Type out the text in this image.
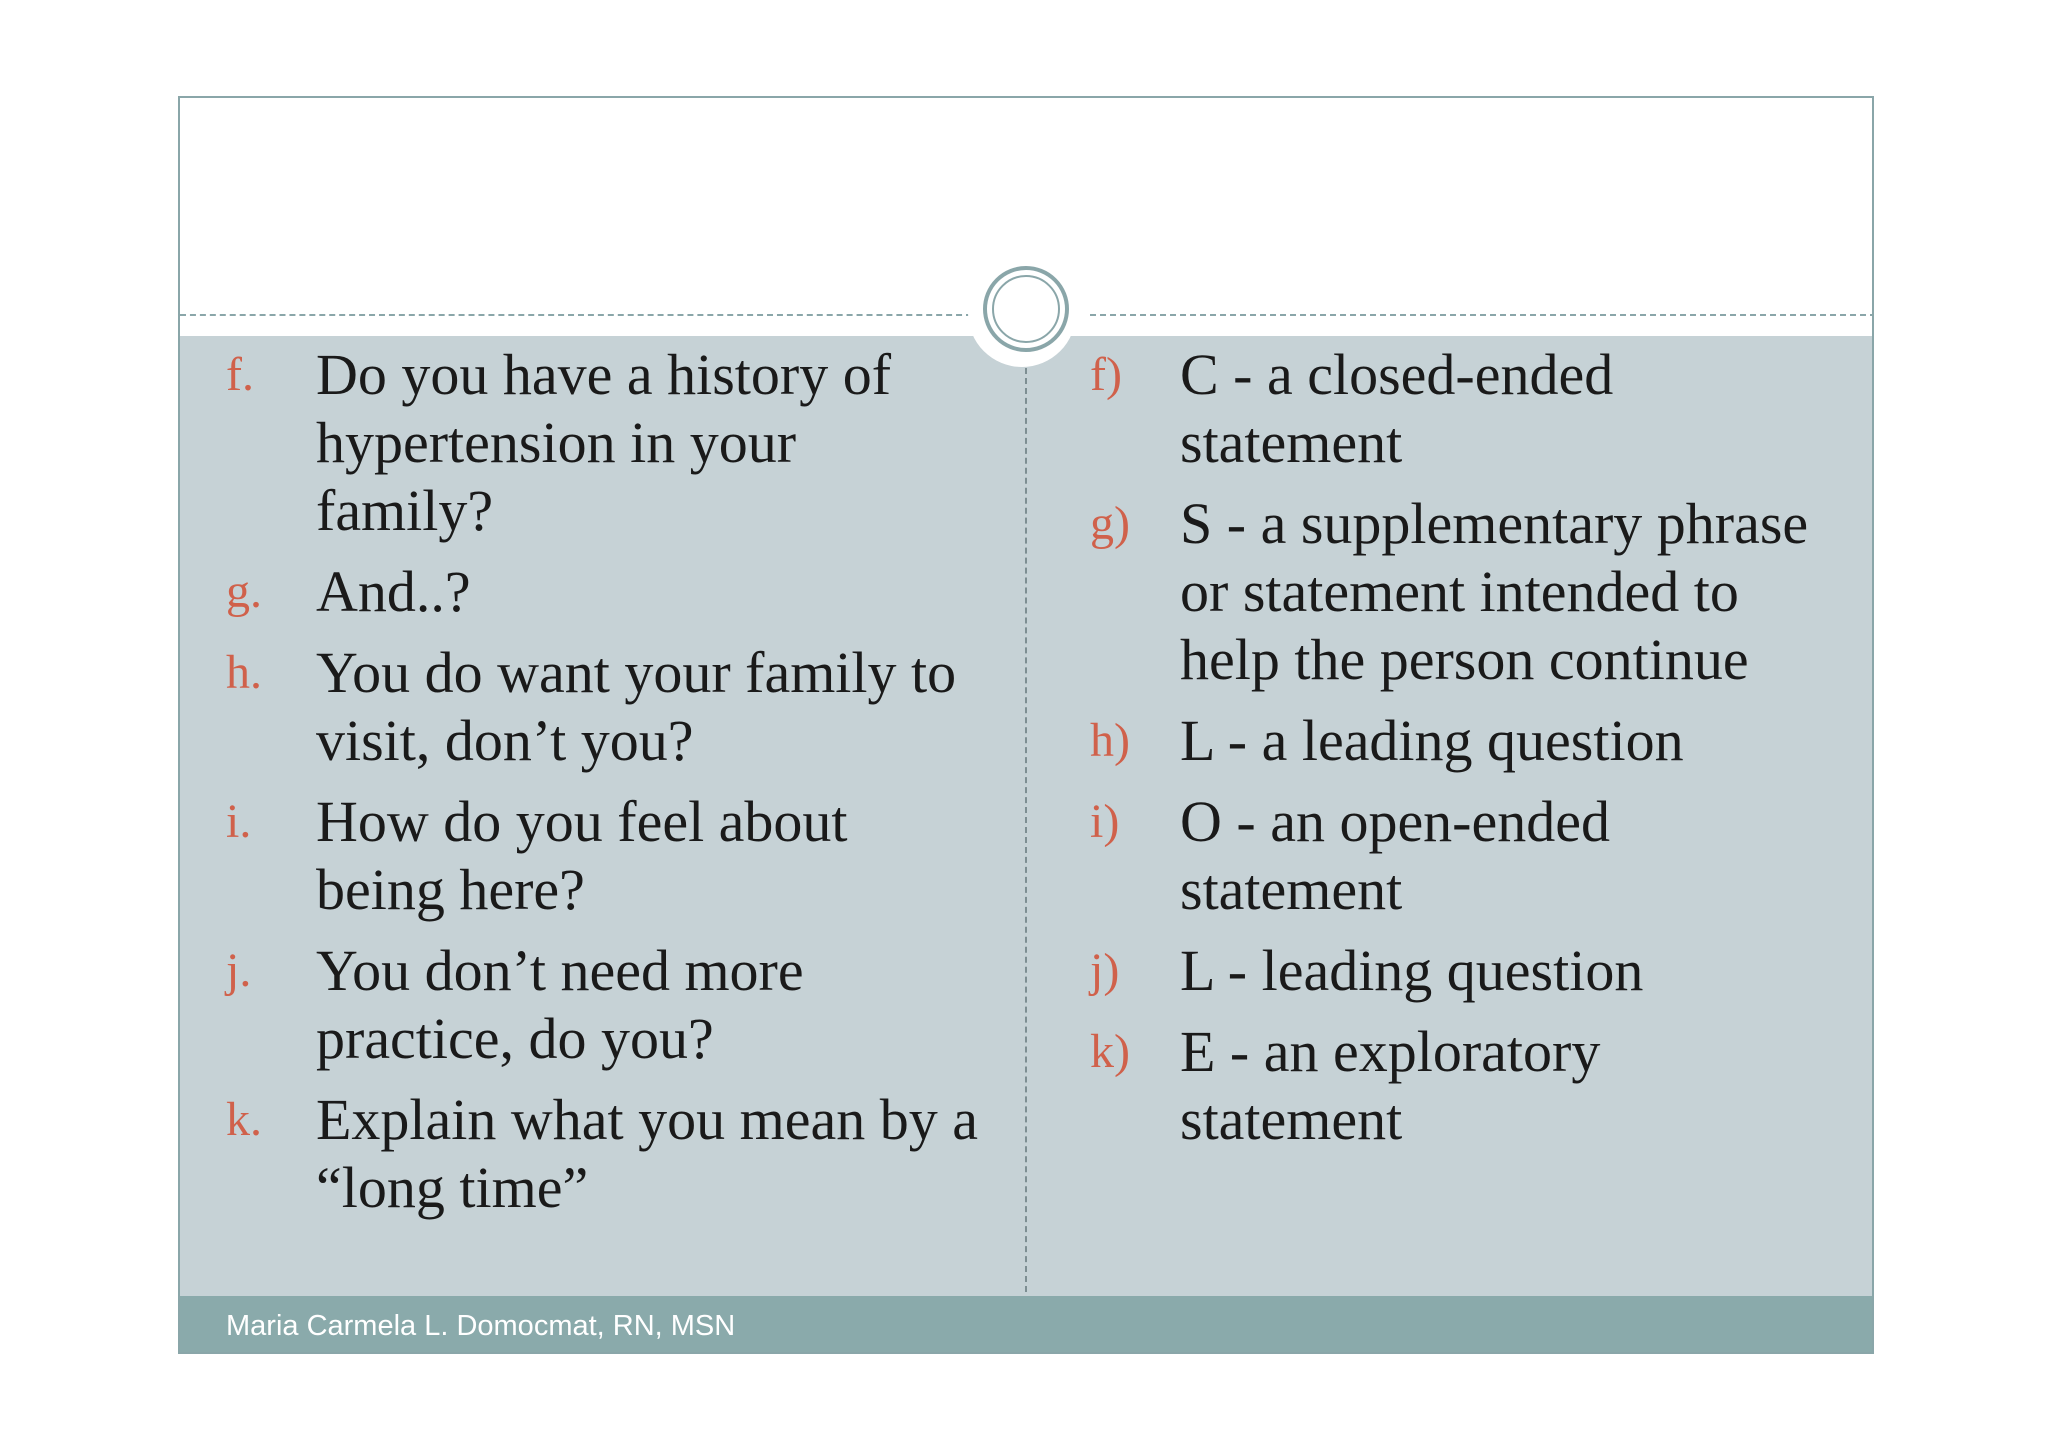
f. Do you have a history of hypertension in your family?
g. And..?
h. You do want your family to visit, don’t you?
i. How do you feel about being here?
j. You don’t need more practice, do you?
k. Explain what you mean by a “long time”
f) C - a closed-ended statement
g) S - a supplementary phrase or statement intended to help the person continue
h) L - a leading question
i) O - an open-ended statement
j) L - leading question
k) E - an exploratory statement
Maria Carmela L. Domocmat, RN, MSN
